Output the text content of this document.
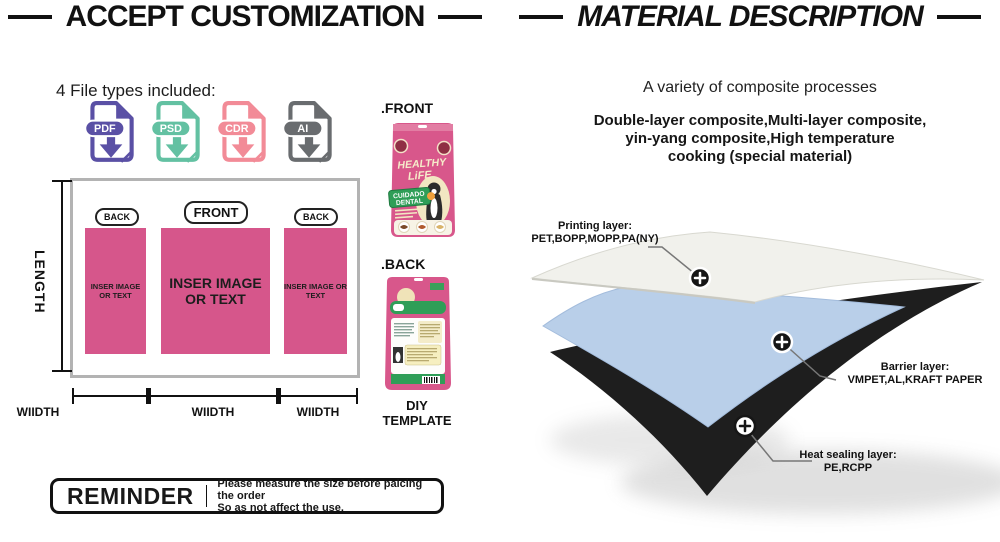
ACCEPT CUSTOMIZATION
4 File types included:
PDF	PSD	CDR	AI
BACK	FRONT	BACK
INSER IMAGE OR TEXT
INSER IMAGE OR TEXT
INSER IMAGE OR TEXT
LENGTH
WIIDTH	WIIDTH	WIIDTH
REMINDER	Please measure the size before palcing the order
So as not affect the use.
.FRONT
HEALTHY
LiFE
CUIDADO
DENTAL
.BACK
DIY
TEMPLATE
MATERIAL DESCRIPTION
A variety of composite processes
Double-layer composite,Multi-layer composite,
yin-yang composite,High temperature
cooking (special material)
Printing layer:
PET,BOPP,MOPP,PA(NY)
Barrier layer:
VMPET,AL,KRAFT PAPER
Heat sealing layer:
PE,RCPP
